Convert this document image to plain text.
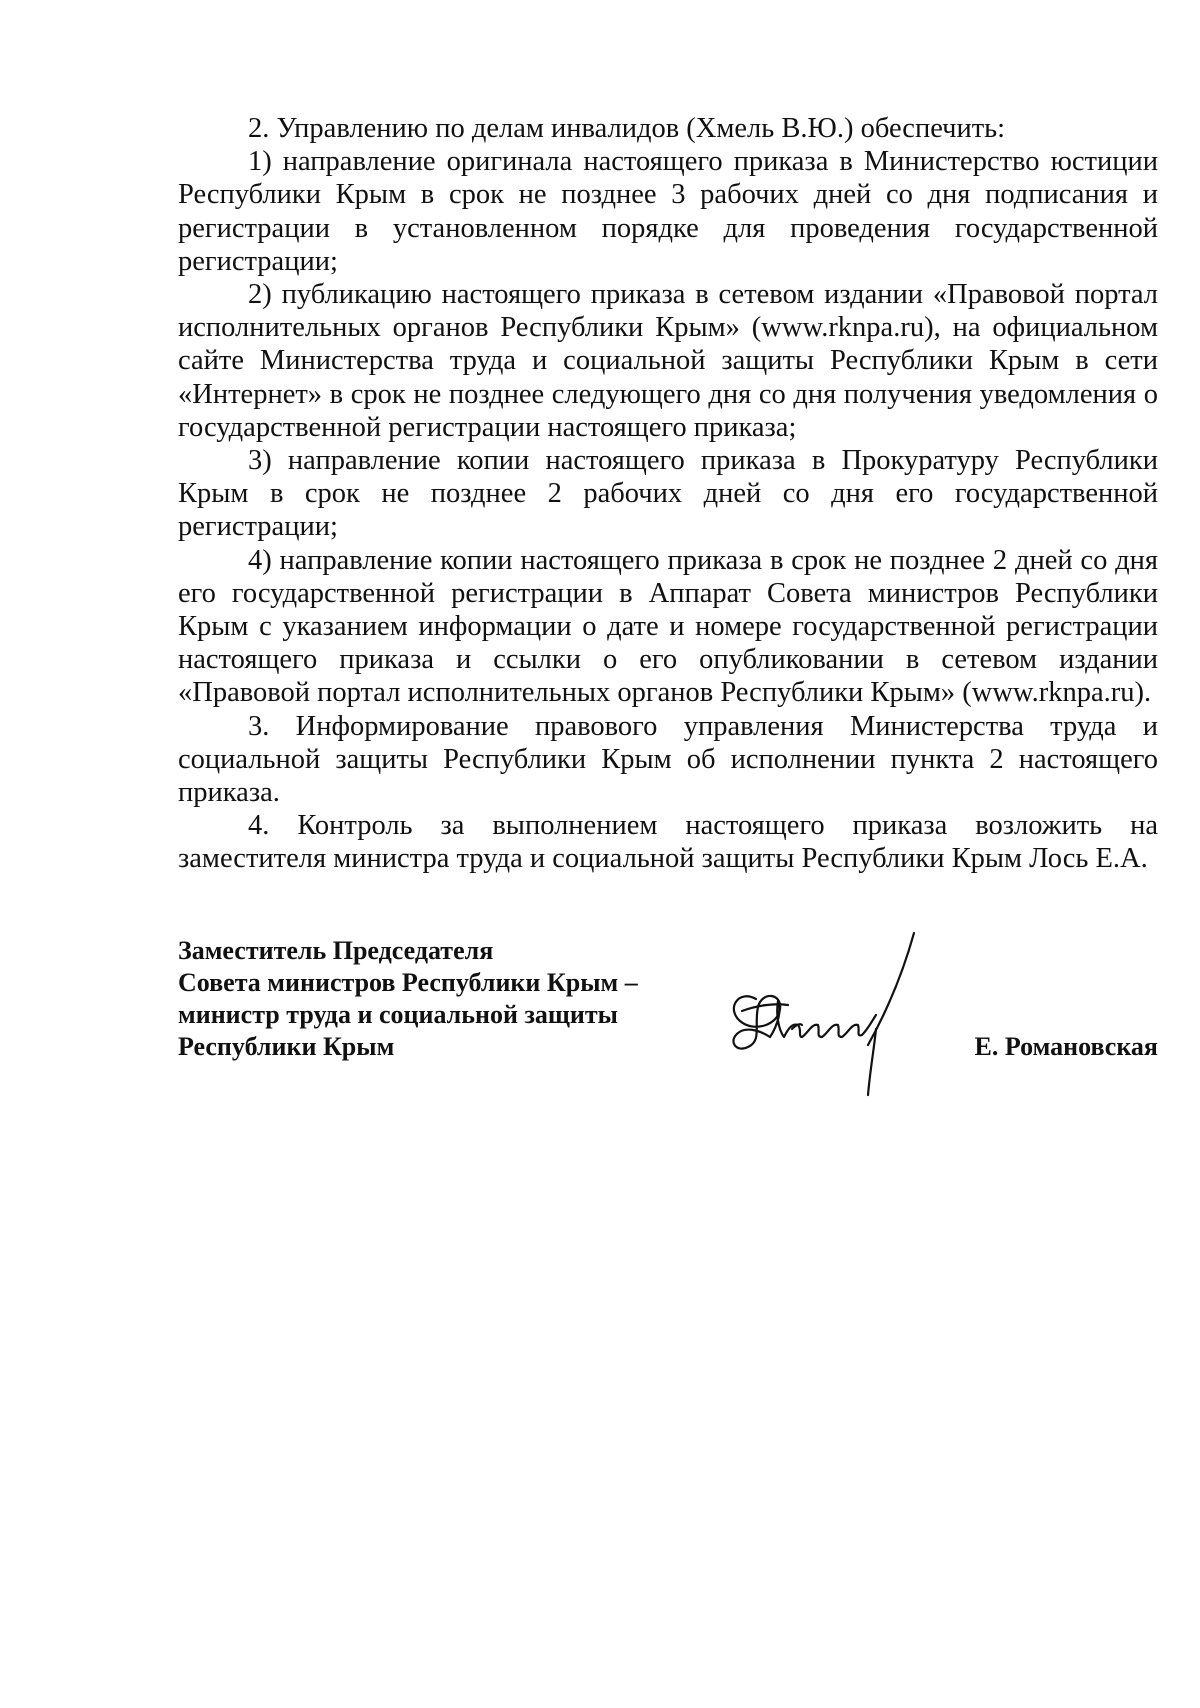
2. Управлению по делам инвалидов (Хмель В.Ю.) обеспечить:

1) направление оригинала настоящего приказа в Министерство юстиции Республики Крым в срок не позднее 3 рабочих дней со дня подписания и регистрации в установленном порядке для проведения государственной регистрации;

2) публикацию настоящего приказа в сетевом издании «Правовой портал исполнительных органов Республики Крым» (www.rknpa.ru), на официальном сайте Министерства труда и социальной защиты Республики Крым в сети «Интернет» в срок не позднее следующего дня со дня получения уведомления о государственной регистрации настоящего приказа;

3) направление копии настоящего приказа в Прокуратуру Республики Крым в срок не позднее 2 рабочих дней со дня его государственной регистрации;

4) направление копии настоящего приказа в срок не позднее 2 дней со дня его государственной регистрации в Аппарат Совета министров Республики Крым с указанием информации о дате и номере государственной регистрации настоящего приказа и ссылки о его опубликовании в сетевом издании «Правовой портал исполнительных органов Республики Крым» (www.rknpa.ru).

3. Информирование правового управления Министерства труда и социальной защиты Республики Крым об исполнении пункта 2 настоящего приказа.

4. Контроль за выполнением настоящего приказа возложить на заместителя министра труда и социальной защиты Республики Крым Лось Е.А.

Заместитель Председателя
Совета министров Республики Крым –
министр труда и социальной защиты
Республики Крым	Е. Романовская
